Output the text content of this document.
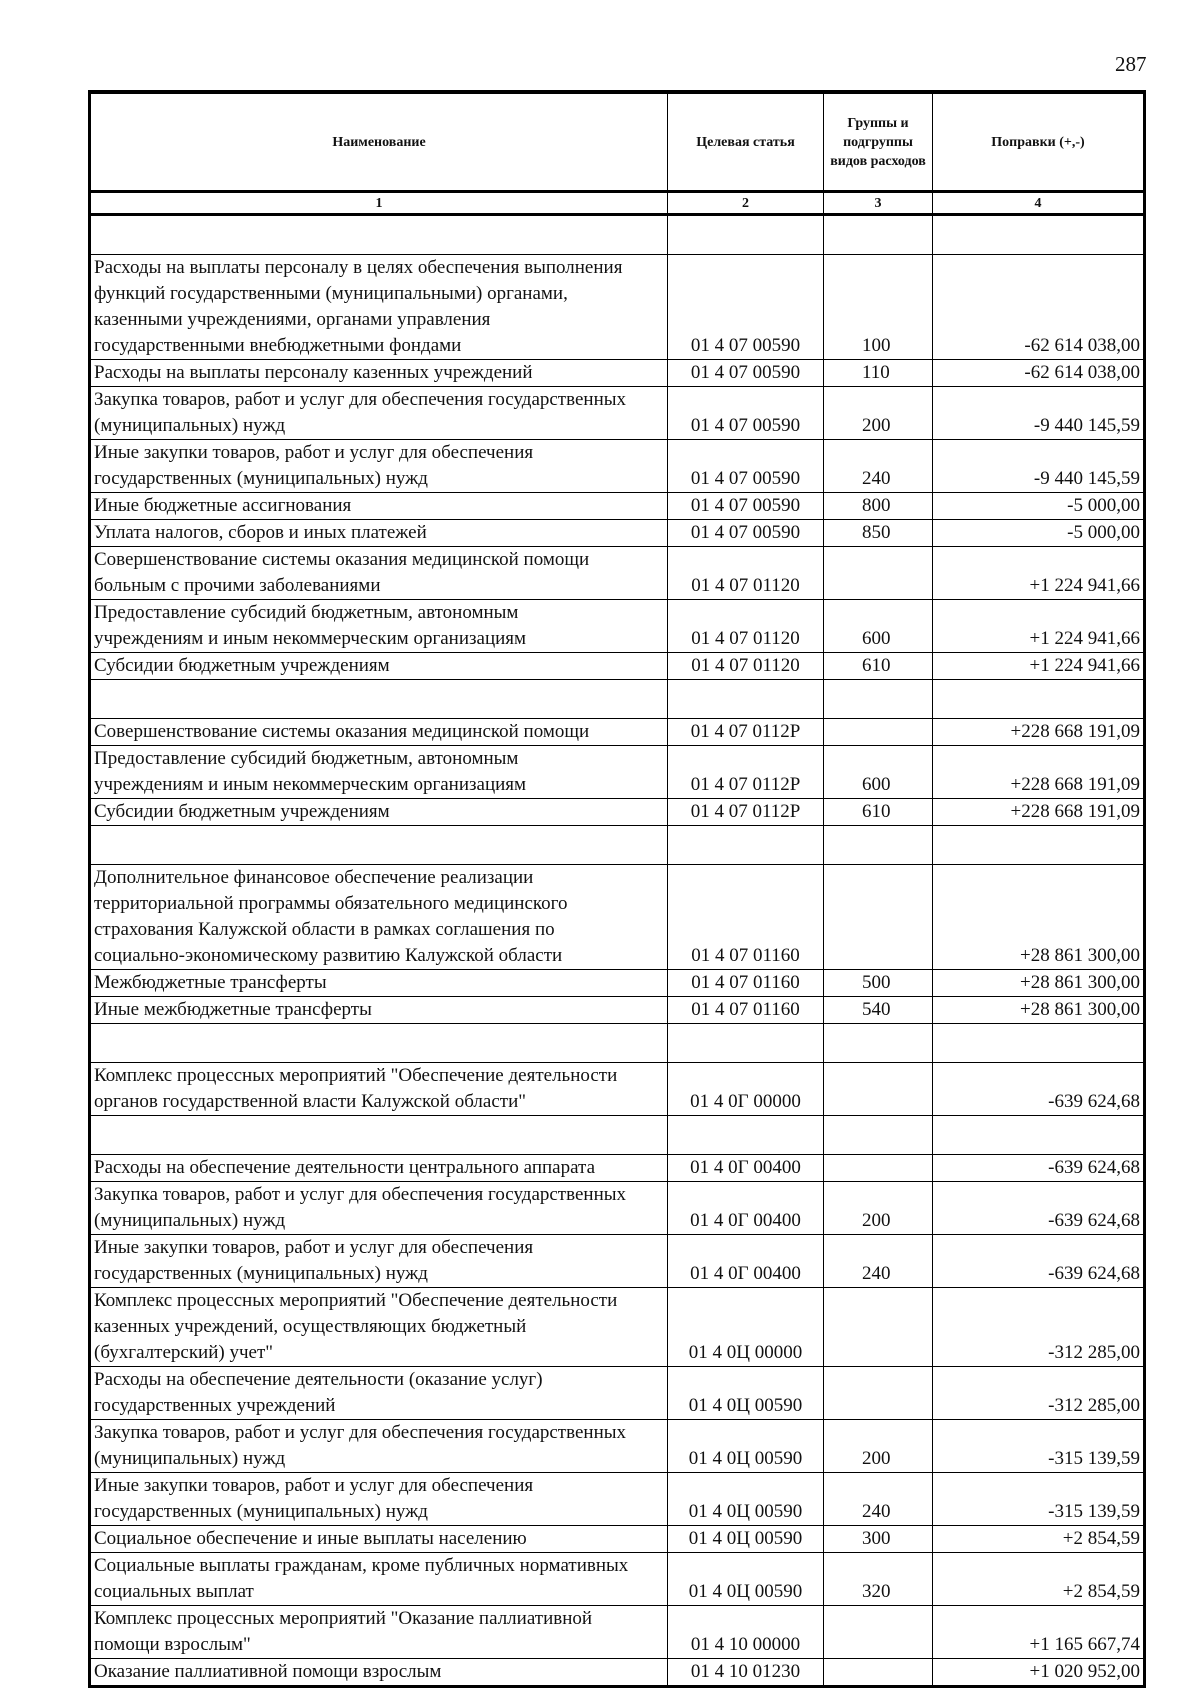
287
Наименование	Целевая статья	Группы и подгруппы видов расходов	Поправки (+,-)
1	2	3	4

Расходы на выплаты персоналу в целях обеспечения выполнения
функций государственными (муниципальными) органами,
казенными учреждениями, органами управления
государственными внебюджетными фондами	01 4 07 00590	100	-62 614 038,00

Расходы на выплаты персоналу казенных учреждений	01 4 07 00590	110	-62 614 038,00

Закупка товаров, работ и услуг для обеспечения государственных
(муниципальных) нужд	01 4 07 00590	200	-9 440 145,59

Иные закупки товаров, работ и услуг для обеспечения
государственных (муниципальных) нужд	01 4 07 00590	240	-9 440 145,59

Иные бюджетные ассигнования	01 4 07 00590	800	-5 000,00

Уплата налогов, сборов и иных платежей	01 4 07 00590	850	-5 000,00

Совершенствование системы оказания медицинской помощи
больным с прочими заболеваниями	01 4 07 01120		+1 224 941,66

Предоставление субсидий бюджетным, автономным
учреждениям и иным некоммерческим организациям	01 4 07 01120	600	+1 224 941,66

Субсидии бюджетным учреждениям	01 4 07 01120	610	+1 224 941,66

Совершенствование системы оказания медицинской помощи	01 4 07 0112Р		+228 668 191,09

Предоставление субсидий бюджетным, автономным
учреждениям и иным некоммерческим организациям	01 4 07 0112Р	600	+228 668 191,09

Субсидии бюджетным учреждениям	01 4 07 0112Р	610	+228 668 191,09

Дополнительное финансовое обеспечение реализации
территориальной программы обязательного медицинского
страхования Калужской области в рамках соглашения по
социально-экономическому развитию Калужской области	01 4 07 01160		+28 861 300,00

Межбюджетные трансферты	01 4 07 01160	500	+28 861 300,00

Иные межбюджетные трансферты	01 4 07 01160	540	+28 861 300,00

Комплекс процессных мероприятий "Обеспечение деятельности
органов государственной власти Калужской области"	01 4 0Г 00000		-639 624,68

Расходы на обеспечение деятельности центрального аппарата	01 4 0Г 00400		-639 624,68

Закупка товаров, работ и услуг для обеспечения государственных
(муниципальных) нужд	01 4 0Г 00400	200	-639 624,68

Иные закупки товаров, работ и услуг для обеспечения
государственных (муниципальных) нужд	01 4 0Г 00400	240	-639 624,68

Комплекс процессных мероприятий "Обеспечение деятельности
казенных учреждений, осуществляющих бюджетный
(бухгалтерский) учет"	01 4 0Ц 00000		-312 285,00

Расходы на обеспечение деятельности (оказание услуг)
государственных учреждений	01 4 0Ц 00590		-312 285,00

Закупка товаров, работ и услуг для обеспечения государственных
(муниципальных) нужд	01 4 0Ц 00590	200	-315 139,59

Иные закупки товаров, работ и услуг для обеспечения
государственных (муниципальных) нужд	01 4 0Ц 00590	240	-315 139,59

Социальное обеспечение и иные выплаты населению	01 4 0Ц 00590	300	+2 854,59

Социальные выплаты гражданам, кроме публичных нормативных
социальных выплат	01 4 0Ц 00590	320	+2 854,59

Комплекс процессных мероприятий "Оказание паллиативной
помощи взрослым"	01 4 10 00000		+1 165 667,74

Оказание паллиативной помощи взрослым	01 4 10 01230		+1 020 952,00
